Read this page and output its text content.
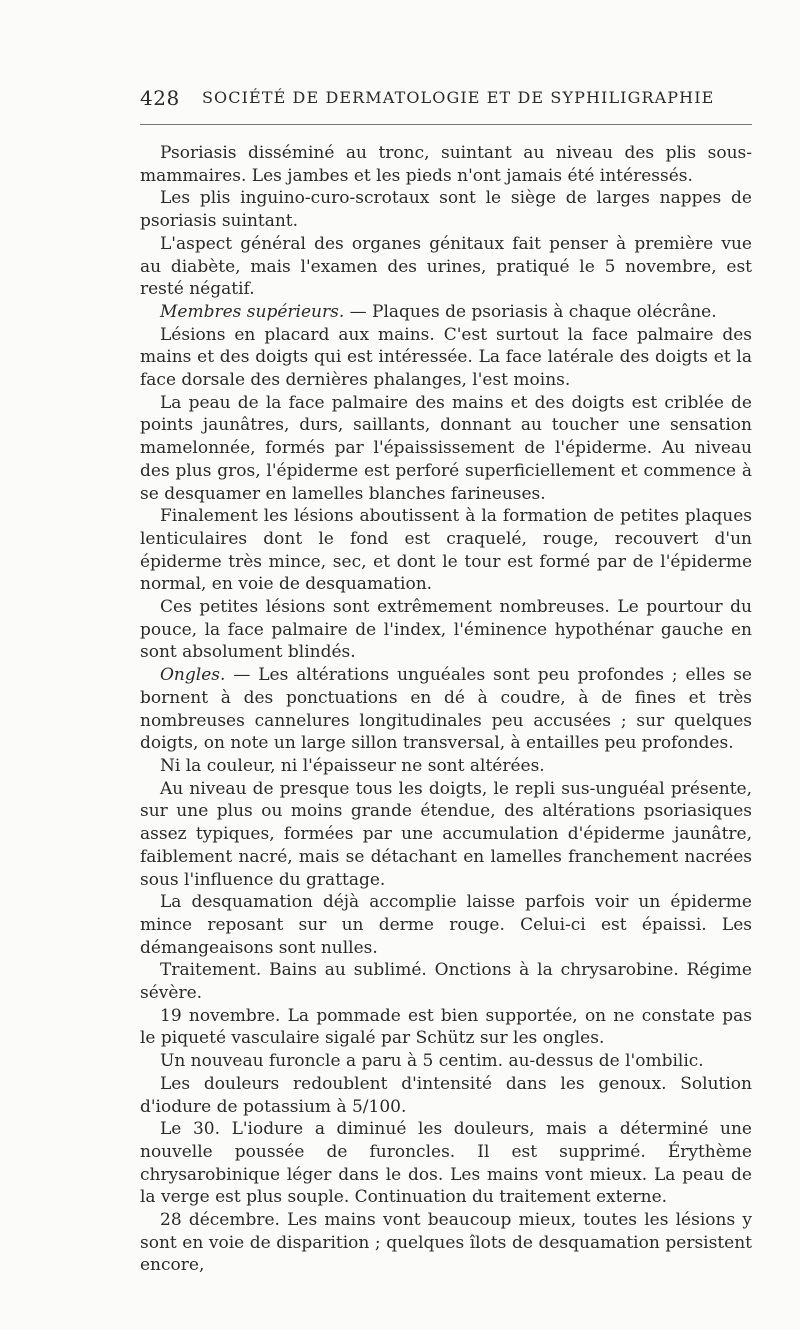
428 SOCIÉTÉ DE DERMATOLOGIE ET DE SYPHILIGRAPHIE

Psoriasis disséminé au tronc, suintant au niveau des plis sous-mammaires. Les jambes et les pieds n'ont jamais été intéressés.

Les plis inguino-curo-scrotaux sont le siège de larges nappes de psoriasis suintant.

L'aspect général des organes génitaux fait penser à première vue au diabète, mais l'examen des urines, pratiqué le 5 novembre, est resté négatif.

Membres supérieurs. — Plaques de psoriasis à chaque olécrâne.

Lésions en placard aux mains. C'est surtout la face palmaire des mains et des doigts qui est intéressée. La face latérale des doigts et la face dorsale des dernières phalanges, l'est moins.

La peau de la face palmaire des mains et des doigts est criblée de points jaunâtres, durs, saillants, donnant au toucher une sensation mamelonnée, formés par l'épaississement de l'épiderme. Au niveau des plus gros, l'épiderme est perforé superficiellement et commence à se desquamer en lamelles blanches farineuses.

Finalement les lésions aboutissent à la formation de petites plaques lenticulaires dont le fond est craquelé, rouge, recouvert d'un épiderme très mince, sec, et dont le tour est formé par de l'épiderme normal, en voie de desquamation.

Ces petites lésions sont extrêmement nombreuses. Le pourtour du pouce, la face palmaire de l'index, l'éminence hypothénar gauche en sont absolument blindés.

Ongles. — Les altérations unguéales sont peu profondes ; elles se bornent à des ponctuations en dé à coudre, à de fines et très nombreuses cannelures longitudinales peu accusées ; sur quelques doigts, on note un large sillon transversal, à entailles peu profondes.

Ni la couleur, ni l'épaisseur ne sont altérées.

Au niveau de presque tous les doigts, le repli sus-unguéal présente, sur une plus ou moins grande étendue, des altérations psoriasiques assez typiques, formées par une accumulation d'épiderme jaunâtre, faiblement nacré, mais se détachant en lamelles franchement nacrées sous l'influence du grattage.

La desquamation déjà accomplie laisse parfois voir un épiderme mince reposant sur un derme rouge. Celui-ci est épaissi. Les démangeaisons sont nulles.

Traitement. Bains au sublimé. Onctions à la chrysarobine. Régime sévère.

19 novembre. La pommade est bien supportée, on ne constate pas le piqueté vasculaire sigalé par Schütz sur les ongles.

Un nouveau furoncle a paru à 5 centim. au-dessus de l'ombilic.

Les douleurs redoublent d'intensité dans les genoux. Solution d'iodure de potassium à 5/100.

Le 30. L'iodure a diminué les douleurs, mais a déterminé une nouvelle poussée de furoncles. Il est supprimé. Érythème chrysarobinique léger dans le dos. Les mains vont mieux. La peau de la verge est plus souple. Continuation du traitement externe.

28 décembre. Les mains vont beaucoup mieux, toutes les lésions y sont en voie de disparition ; quelques îlots de desquamation persistent encore,
